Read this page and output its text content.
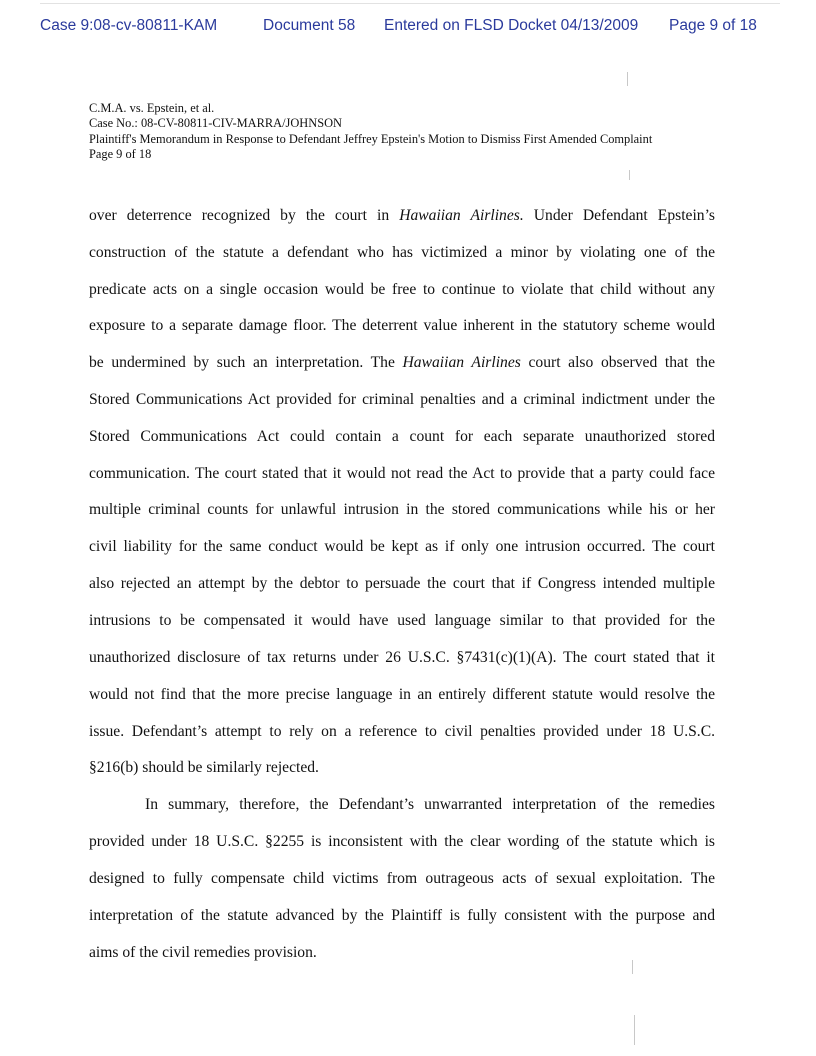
Case 9:08-cv-80811-KAM	Document 58 Entered on FLSD Docket 04/13/2009 Page 9 of 18
C.M.A. vs. Epstein, et al.
Case No.: 08-CV-80811-CIV-MARRA/JOHNSON
Plaintiff's Memorandum in Response to Defendant Jeffrey Epstein's Motion to Dismiss First Amended Complaint
Page 9 of 18
over deterrence recognized by the court in Hawaiian Airlines. Under Defendant Epstein’s
construction of the statute a defendant who has victimized a minor by violating one of the
predicate acts on a single occasion would be free to continue to violate that child without any
exposure to a separate damage floor. The deterrent value inherent in the statutory scheme would
be undermined by such an interpretation. The Hawaiian Airlines court also observed that the
Stored Communications Act provided for criminal penalties and a criminal indictment under the
Stored Communications Act could contain a count for each separate unauthorized stored
communication. The court stated that it would not read the Act to provide that a party could face
multiple criminal counts for unlawful intrusion in the stored communications while his or her
civil liability for the same conduct would be kept as if only one intrusion occurred. The court
also rejected an attempt by the debtor to persuade the court that if Congress intended multiple
intrusions to be compensated it would have used language similar to that provided for the
unauthorized disclosure of tax returns under 26 U.S.C. §7431(c)(1)(A). The court stated that it
would not find that the more precise language in an entirely different statute would resolve the
issue. Defendant’s attempt to rely on a reference to civil penalties provided under 18 U.S.C.
§216(b) should be similarly rejected.
In summary, therefore, the Defendant’s unwarranted interpretation of the remedies
provided under 18 U.S.C. §2255 is inconsistent with the clear wording of the statute which is
designed to fully compensate child victims from outrageous acts of sexual exploitation. The
interpretation of the statute advanced by the Plaintiff is fully consistent with the purpose and
aims of the civil remedies provision.
